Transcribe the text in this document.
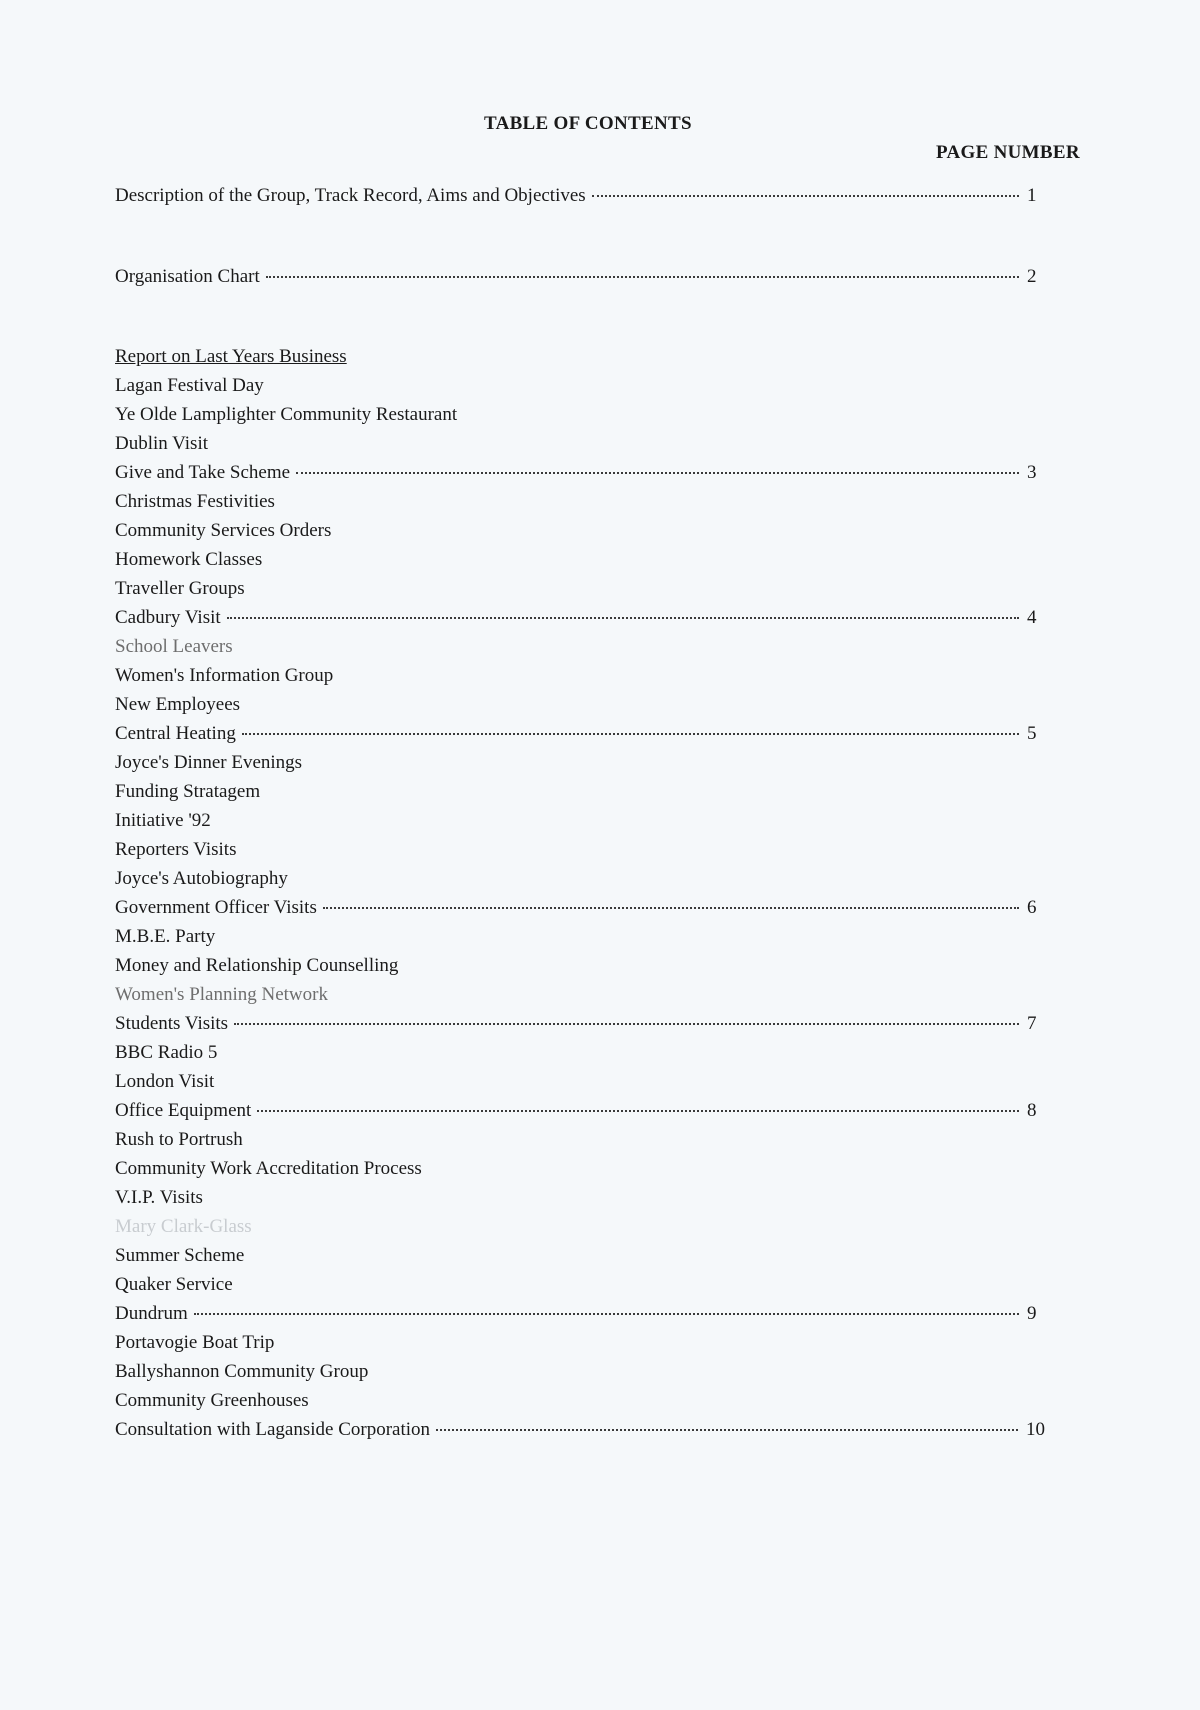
TABLE OF CONTENTS
PAGE NUMBER
Description of the Group, Track Record, Aims and Objectives	1
Organisation Chart	2
Report on Last Years Business
Lagan Festival Day
Ye Olde Lamplighter Community Restaurant
Dublin Visit
Give and Take Scheme	3
Christmas Festivities
Community Services Orders
Homework Classes
Traveller Groups
Cadbury Visit	4
School Leavers
Women's Information Group
New Employees
Central Heating	5
Joyce's Dinner Evenings
Funding Stratagem
Initiative '92
Reporters Visits
Joyce's Autobiography
Government Officer Visits	6
M.B.E. Party
Money and Relationship Counselling
Women's Planning Network
Students Visits	7
BBC Radio 5
London Visit
Office Equipment	8
Rush to Portrush
Community Work Accreditation Process
V.I.P. Visits
Mary Clark-Glass
Summer Scheme
Quaker Service
Dundrum	9
Portavogie Boat Trip
Ballyshannon Community Group
Community Greenhouses
Consultation with Laganside Corporation	10
